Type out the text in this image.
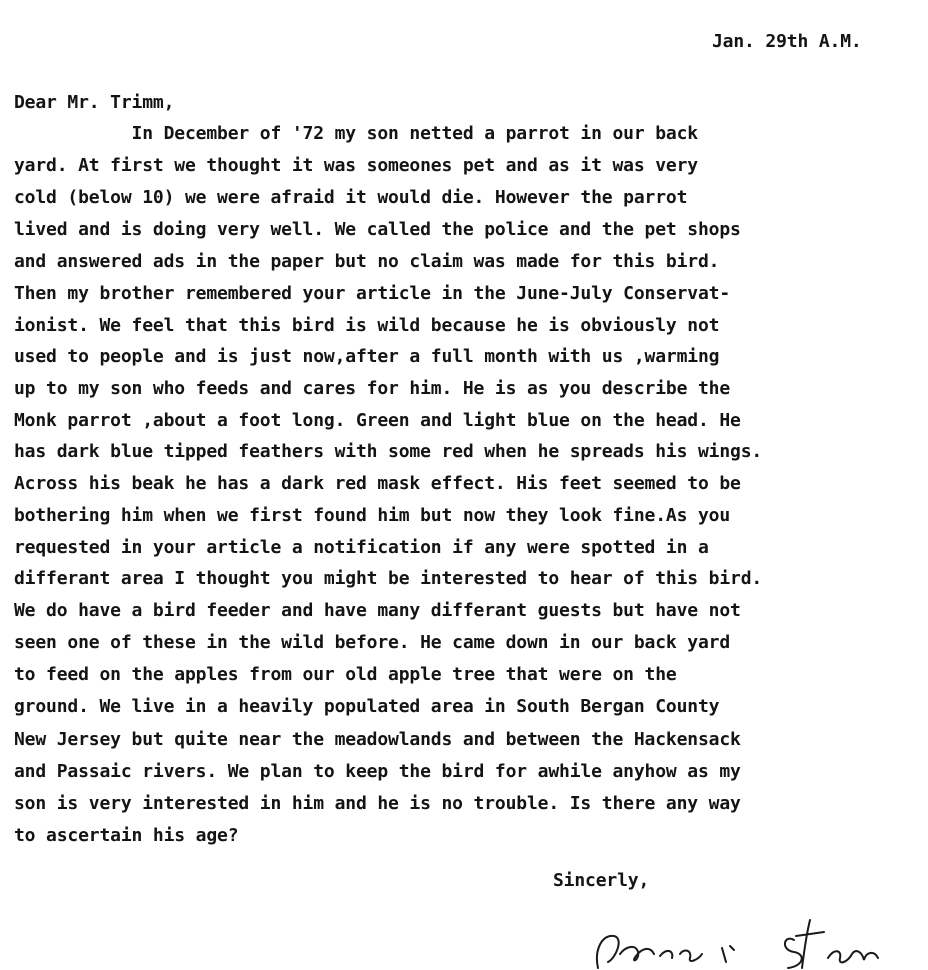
Jan. 29th A.M.

Dear Mr. Trimm,

In December of '72 my son netted a parrot in our back

yard. At first we thought it was someones pet and as it was very

cold (below 10) we were afraid it would die. However the parrot

lived and is doing very well. We called the police and the pet shops

and answered ads in the paper but no claim was made for this bird.

Then my brother remembered your article in the June-July Conservat-

ionist. We feel that this bird is wild because he is obviously not

used to people and is just now,after a full month with us ,warming

up to my son who feeds and cares for him. He is as you describe the

Monk parrot ,about a foot long. Green and light blue on the head. He

has dark blue tipped feathers with some red when he spreads his wings.

Across his beak he has a dark red mask effect. His feet seemed to be

bothering him when we first found him but now they look fine.As you

requested in your article a notification if any were spotted in a

differant area I thought you might be interested to hear of this bird.

We do have a bird feeder and have many differant guests but have not

seen one of these in the wild before. He came down in our back yard

to feed on the apples from our old apple tree that were on the

ground. We live in a heavily populated area in South Bergan County

New Jersey but quite near the meadowlands and between the Hackensack

and Passaic rivers. We plan to keep the bird for awhile anyhow as my

son is very interested in him and he is no trouble. Is there any way

to ascertain his age?

Sincerly,
